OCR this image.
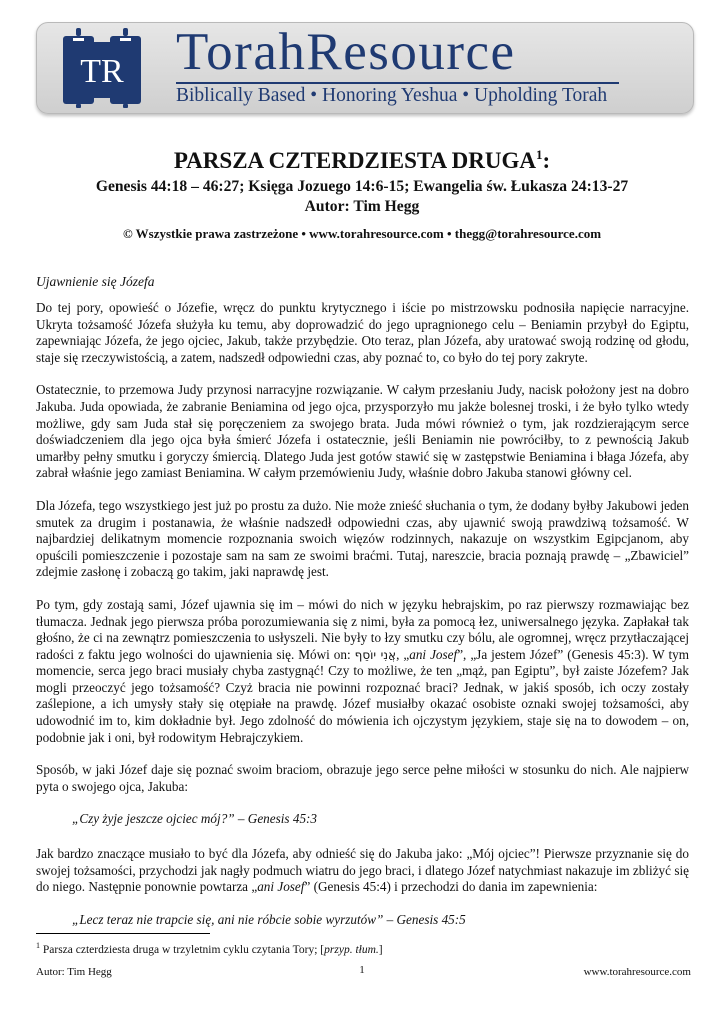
TR TorahResource
Biblically Based • Honoring Yeshua • Upholding Torah
PARSZA CZTERDZIESTA DRUGA$^1$:
Genesis 44:18 – 46:27; Księga Jozuego 14:6-15; Ewangelia św. Łukasza 24:13-27
Autor: Tim Hegg
© Wszystkie prawa zastrzeżone • www.torahresource.com • thegg@torahresource.com
Ujawnienie się Józefa

Do tej pory, opowieść o Józefie, wręcz do punktu krytycznego i iście po mistrzowsku podnosiła napięcie narracyjne. Ukryta tożsamość Józefa służyła ku temu, aby doprowadzić do jego upragnionego celu – Beniamin przybył do Egiptu, zapewniając Józefa, że jego ojciec, Jakub, także przybędzie. Oto teraz, plan Józefa, aby uratować swoją rodzinę od głodu, staje się rzeczywistością, a zatem, nadszedł odpowiedni czas, aby poznać to, co było do tej pory zakryte.

Ostatecznie, to przemowa Judy przynosi narracyjne rozwiązanie. W całym przesłaniu Judy, nacisk położony jest na dobro Jakuba. Juda opowiada, że zabranie Beniamina od jego ojca, przysporzyło mu jakże bolesnej troski, i że było tylko wtedy możliwe, gdy sam Juda stał się poręczeniem za swojego brata. Juda mówi również o tym, jak rozdzierającym serce doświadczeniem dla jego ojca była śmierć Józefa i ostatecznie, jeśli Beniamin nie powróciłby, to z pewnością Jakub umarłby pełny smutku i goryczy śmiercią. Dlatego Juda jest gotów stawić się w zastępstwie Beniamina i błaga Józefa, aby zabrał właśnie jego zamiast Beniamina. W całym przemówieniu Judy, właśnie dobro Jakuba stanowi główny cel.

Dla Józefa, tego wszystkiego jest już po prostu za dużo. Nie może znieść słuchania o tym, że dodany byłby Jakubowi jeden smutek za drugim i postanawia, że właśnie nadszedł odpowiedni czas, aby ujawnić swoją prawdziwą tożsamość. W najbardziej delikatnym momencie rozpoznania swoich więzów rodzinnych, nakazuje on wszystkim Egipcjanom, aby opuścili pomieszczenie i pozostaje sam na sam ze swoimi braćmi. Tutaj, nareszcie, bracia poznają prawdę – „Zbawiciel” zdejmie zasłonę i zobaczą go takim, jaki naprawdę jest.

Po tym, gdy zostają sami, Józef ujawnia się im – mówi do nich w języku hebrajskim, po raz pierwszy rozmawiając bez tłumacza. Jednak jego pierwsza próba porozumiewania się z nimi, była za pomocą łez, uniwersalnego języka. Zapłakał tak głośno, że ci na zewnątrz pomieszczenia to usłyszeli. Nie były to łzy smutku czy bólu, ale ogromnej, wręcz przytłaczającej radości z faktu jego wolności do ujawnienia się. Mówi on: אֲנִי יוֹסֵף, „ani Josef”, „Ja jestem Józef” (Genesis 45:3). W tym momencie, serca jego braci musiały chyba zastygnąć! Czy to możliwe, że ten „mąż, pan Egiptu”, był zaiste Józefem? Jak mogli przeoczyć jego tożsamość? Czyż bracia nie powinni rozpoznać braci? Jednak, w jakiś sposób, ich oczy zostały zaślepione, a ich umysły stały się otępiałe na prawdę. Józef musiałby okazać osobiste oznaki swojej tożsamości, aby udowodnić im to, kim dokładnie był. Jego zdolność do mówienia ich ojczystym językiem, staje się na to dowodem – on, podobnie jak i oni, był rodowitym Hebrajczykiem.

Sposób, w jaki Józef daje się poznać swoim braciom, obrazuje jego serce pełne miłości w stosunku do nich. Ale najpierw pyta o swojego ojca, Jakuba:

„Czy żyje jeszcze ojciec mój?” – Genesis 45:3

Jak bardzo znaczące musiało to być dla Józefa, aby odnieść się do Jakuba jako: „Mój ojciec”! Pierwsze przyznanie się do swojej tożsamości, przychodzi jak nagły podmuch wiatru do jego braci, i dlatego Józef natychmiast nakazuje im zbliżyć się do niego. Następnie ponownie powtarza „ani Josef” (Genesis 45:4) i przechodzi do dania im zapewnienia:

„Lecz teraz nie trapcie się, ani nie róbcie sobie wyrzutów” – Genesis 45:5

$^1$ Parsza czterdziesta druga w trzyletnim cyklu czytania Tory; [przyp. tłum.]
Autor: Tim Hegg	1	www.torahresource.com
